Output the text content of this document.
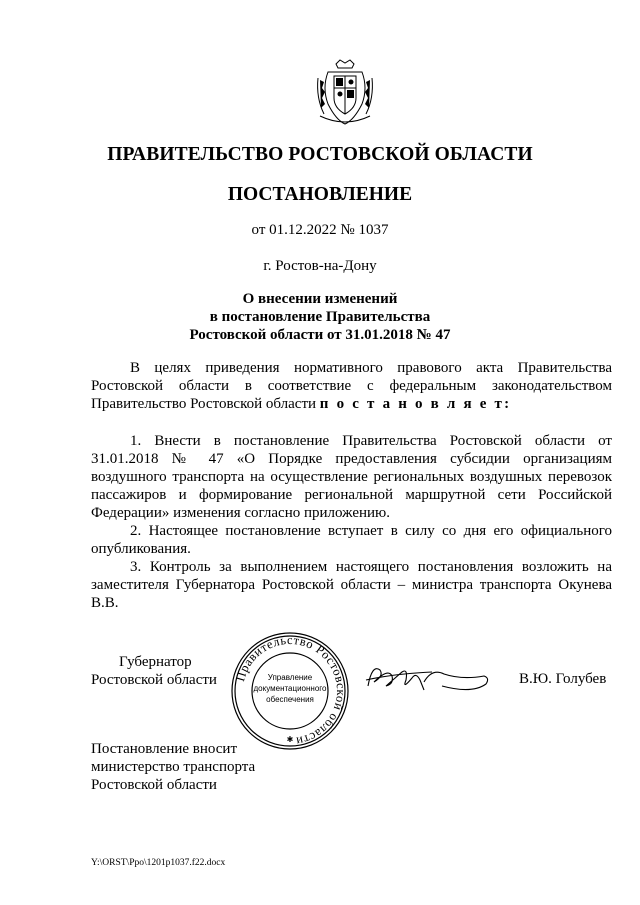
ПРАВИТЕЛЬСТВО РОСТОВСКОЙ ОБЛАСТИ
ПОСТАНОВЛЕНИЕ
от 01.12.2022 № 1037
г. Ростов-на-Дону
О внесении изменений
в постановление Правительства
Ростовской области от 31.01.2018 № 47
В целях приведения нормативного правового акта Правительства Ростовской области в соответствие с федеральным законодательством Правительство Ростовской области п о с т а н о в л я е т:

1. Внести в постановление Правительства Ростовской области от 31.01.2018 № 47 «О Порядке предоставления субсидии организациям воздушного транспорта на осуществление региональных воздушных перевозок пассажиров и формирование региональной маршрутной сети Российской Федерации» изменения согласно приложению.

2. Настоящее постановление вступает в силу со дня его официального опубликования.

3. Контроль за выполнением настоящего постановления возложить на заместителя Губернатора Ростовской области – министра транспорта Окунева В.В.

Губернатор
Ростовской области Правительство Ростовской области
Управление
документационного
обеспечения
✱
В.Ю. Голубев
Постановление вносит
министерство транспорта
Ростовской области
Y:\ORST\Ppo\1201p1037.f22.docx
